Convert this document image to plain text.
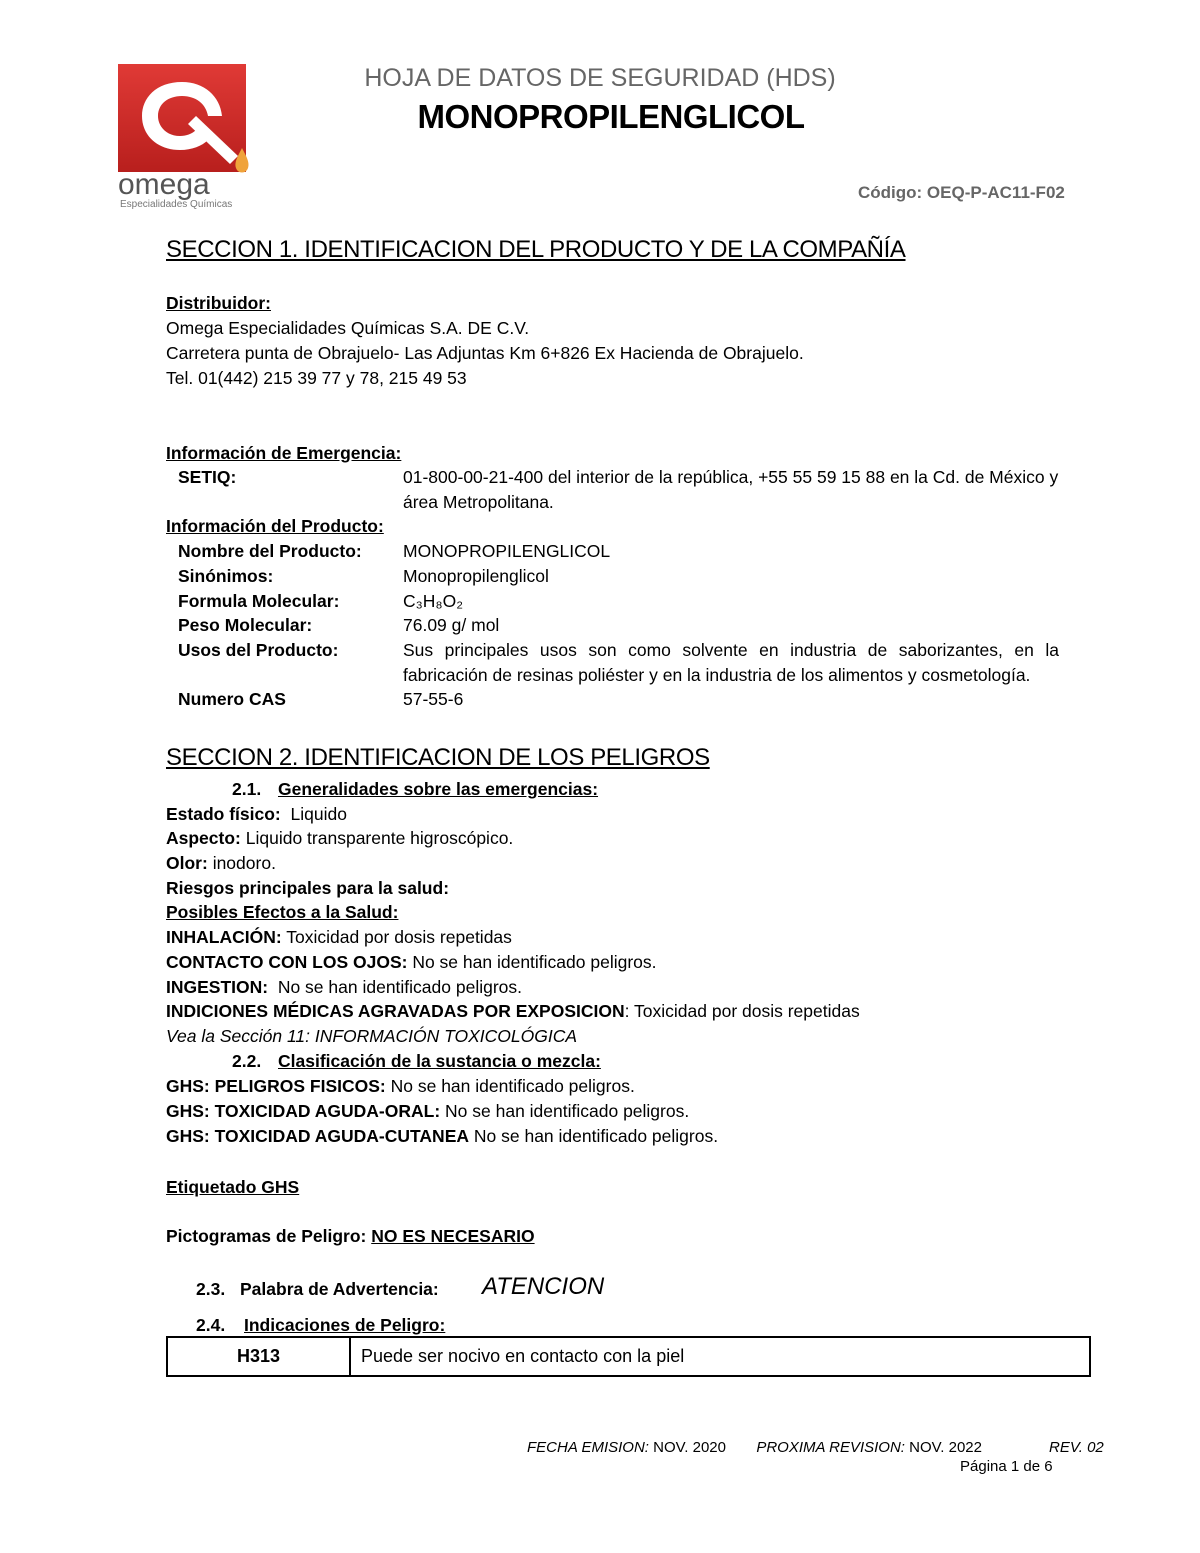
omega
Especialidades Químicas
HOJA DE DATOS DE SEGURIDAD (HDS)
MONOPROPILENGLICOL
Código: OEQ-P-AC11-F02
SECCION 1. IDENTIFICACION DEL PRODUCTO Y DE LA COMPAÑÍA
Distribuidor:
Omega Especialidades Químicas S.A. DE C.V.
Carretera punta de Obrajuelo- Las Adjuntas Km 6+826 Ex Hacienda de Obrajuelo.
Tel. 01(442) 215 39 77 y 78, 215 49 53
Información de Emergencia:
SETIQ:	01-800-00-21-400 del interior de la república, +55 55 59 15 88 en la Cd. de México y área Metropolitana.
Información del Producto:
Nombre del Producto:	MONOPROPILENGLICOL
Sinónimos:	Monopropilenglicol
Formula Molecular:	C₃H₈O₂
Peso Molecular:	76.09 g/ mol
Usos del Producto:	Sus principales usos son como solvente en industria de saborizantes, en la fabricación de resinas poliéster y en la industria de los alimentos y cosmetología.
Numero CAS	57-55-6
SECCION 2. IDENTIFICACION DE LOS PELIGROS
2.1. Generalidades sobre las emergencias:
Estado físico: Liquido
Aspecto: Liquido transparente higroscópico.
Olor: inodoro.
Riesgos principales para la salud:
Posibles Efectos a la Salud:
INHALACIÓN: Toxicidad por dosis repetidas
CONTACTO CON LOS OJOS: No se han identificado peligros.
INGESTION: No se han identificado peligros.
INDICIONES MÉDICAS AGRAVADAS POR EXPOSICION: Toxicidad por dosis repetidas
Vea la Sección 11: INFORMACIÓN TOXICOLÓGICA
2.2. Clasificación de la sustancia o mezcla:
GHS: PELIGROS FISICOS: No se han identificado peligros.
GHS: TOXICIDAD AGUDA-ORAL: No se han identificado peligros.
GHS: TOXICIDAD AGUDA-CUTANEA No se han identificado peligros.
Etiquetado GHS
Pictogramas de Peligro: NO ES NECESARIO
2.3. Palabra de Advertencia: ATENCION
2.4. Indicaciones de Peligro:
H313	Puede ser nocivo en contacto con la piel
FECHA EMISION: NOV. 2020 PROXIMA REVISION: NOV. 2022	REV. 02
Página 1 de 6
